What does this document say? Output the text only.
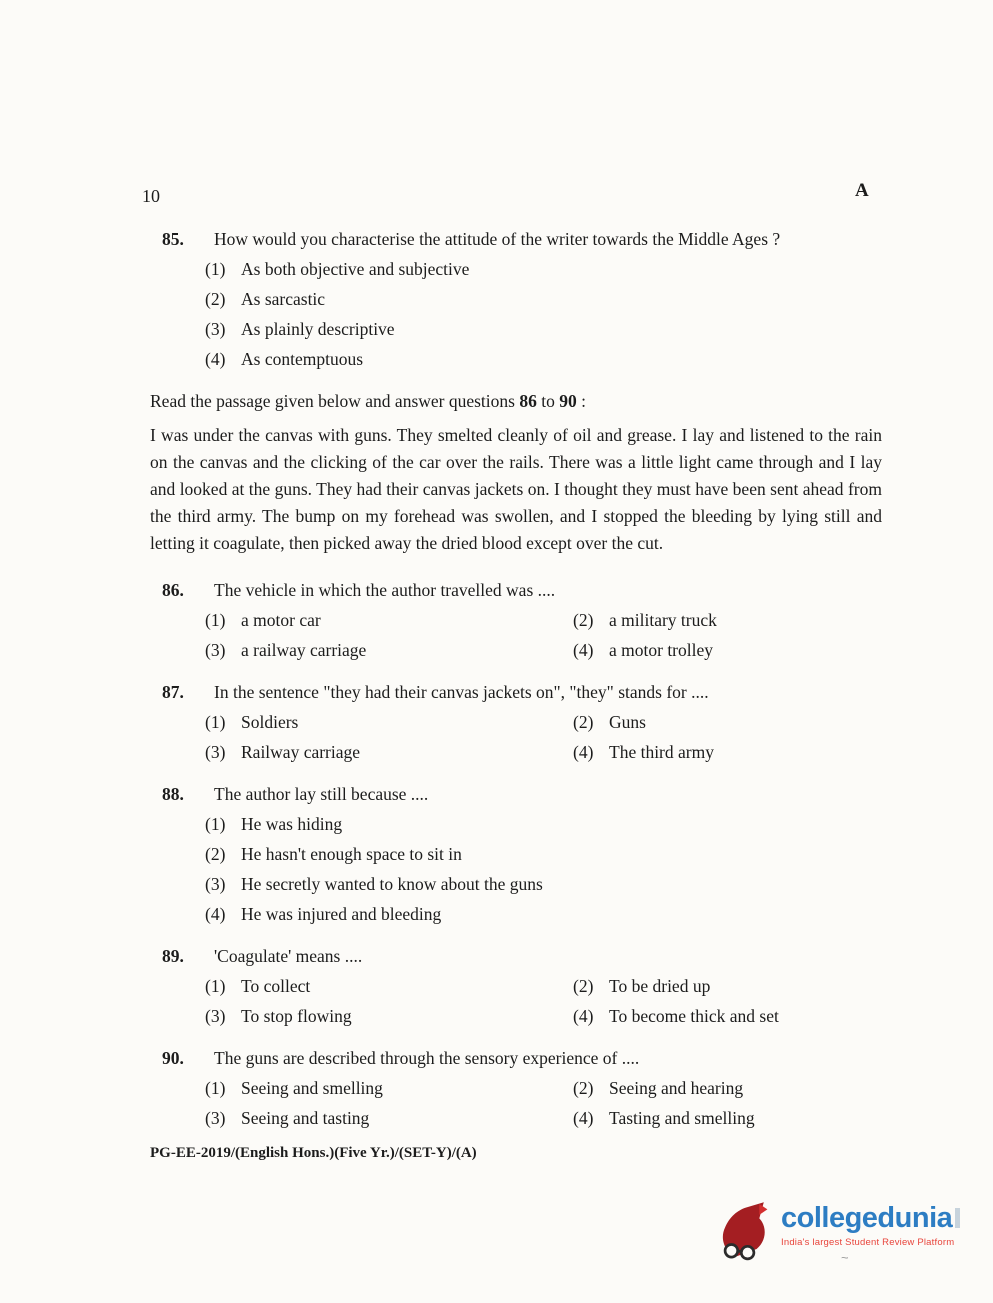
10	A
85.	How would you characterise the attitude of the writer towards the Middle Ages ?
(1) As both objective and subjective
(2) As sarcastic
(3) As plainly descriptive
(4) As contemptuous
Read the passage given below and answer questions 86 to 90 :
I was under the canvas with guns. They smelted cleanly of oil and grease. I lay and listened to the rain on the canvas and the clicking of the car over the rails. There was a little light came through and I lay and looked at the guns. They had their canvas jackets on. I thought they must have been sent ahead from the third army. The bump on my forehead was swollen, and I stopped the bleeding by lying still and letting it coagulate, then picked away the dried blood except over the cut.
86.	The vehicle in which the author travelled was ....
(1) a motor car	(2) a military truck
(3) a railway carriage	(4) a motor trolley
87.	In the sentence "they had their canvas jackets on", "they" stands for ....
(1) Soldiers	(2) Guns
(3) Railway carriage	(4) The third army
88.	The author lay still because ....
(1) He was hiding
(2) He hasn't enough space to sit in
(3) He secretly wanted to know about the guns
(4) He was injured and bleeding
89.	'Coagulate' means ....
(1) To collect	(2) To be dried up
(3) To stop flowing	(4) To become thick and set
90.	The guns are described through the sensory experience of ....
(1) Seeing and smelling	(2) Seeing and hearing
(3) Seeing and tasting	(4) Tasting and smelling
PG-EE-2019/(English Hons.)(Five Yr.)/(SET-Y)/(A)
collegedunia
India's largest Student Review Platform
~
